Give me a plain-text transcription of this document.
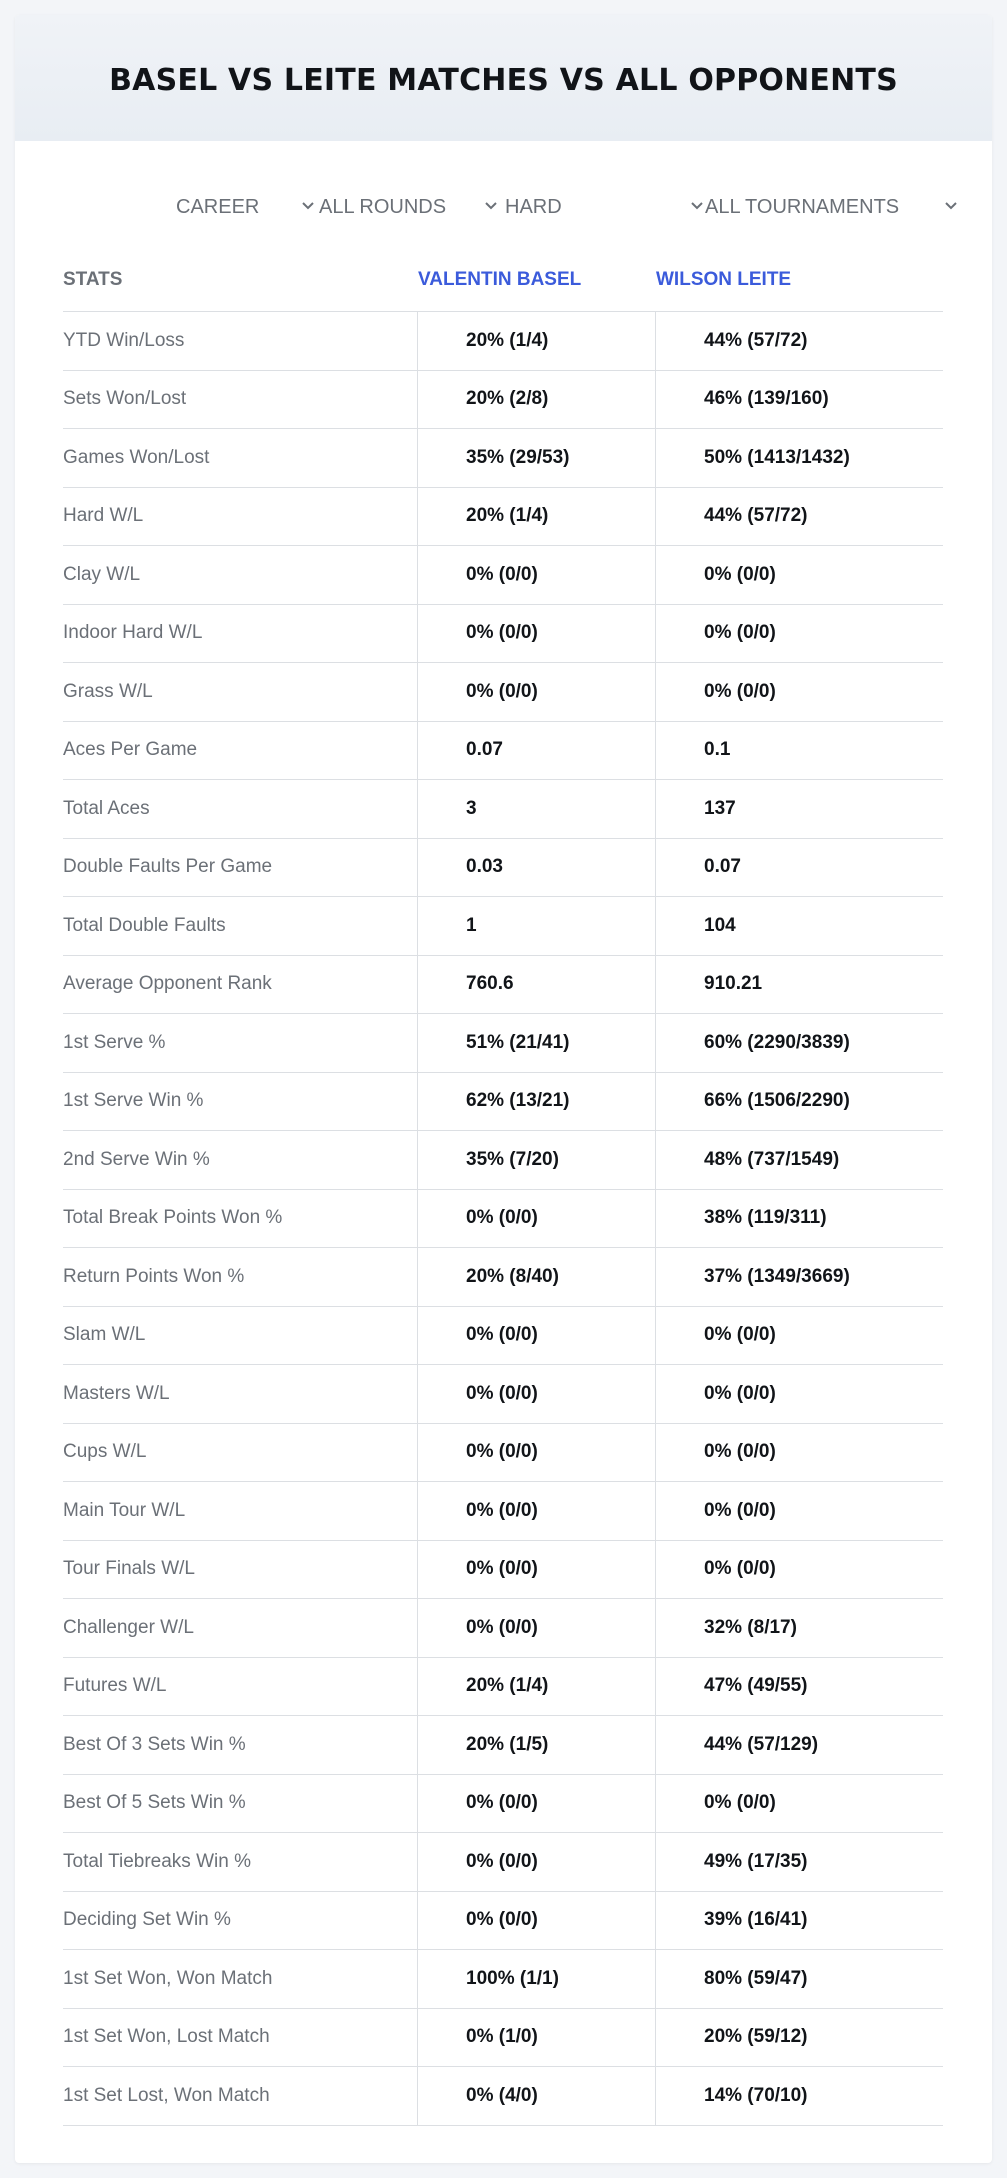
BASEL VS LEITE MATCHES VS ALL OPPONENTS
CAREER	ALL ROUNDS	HARD	ALL TOURNAMENTS
STATS	VALENTIN BASEL	WILSON LEITE
YTD Win/Loss	20% (1/4)	44% (57/72)
Sets Won/Lost	20% (2/8)	46% (139/160)
Games Won/Lost	35% (29/53)	50% (1413/1432)
Hard W/L	20% (1/4)	44% (57/72)
Clay W/L	0% (0/0)	0% (0/0)
Indoor Hard W/L	0% (0/0)	0% (0/0)
Grass W/L	0% (0/0)	0% (0/0)
Aces Per Game	0.07	0.1
Total Aces	3	137
Double Faults Per Game	0.03	0.07
Total Double Faults	1	104
Average Opponent Rank	760.6	910.21
1st Serve %	51% (21/41)	60% (2290/3839)
1st Serve Win %	62% (13/21)	66% (1506/2290)
2nd Serve Win %	35% (7/20)	48% (737/1549)
Total Break Points Won %	0% (0/0)	38% (119/311)
Return Points Won %	20% (8/40)	37% (1349/3669)
Slam W/L	0% (0/0)	0% (0/0)
Masters W/L	0% (0/0)	0% (0/0)
Cups W/L	0% (0/0)	0% (0/0)
Main Tour W/L	0% (0/0)	0% (0/0)
Tour Finals W/L	0% (0/0)	0% (0/0)
Challenger W/L	0% (0/0)	32% (8/17)
Futures W/L	20% (1/4)	47% (49/55)
Best Of 3 Sets Win %	20% (1/5)	44% (57/129)
Best Of 5 Sets Win %	0% (0/0)	0% (0/0)
Total Tiebreaks Win %	0% (0/0)	49% (17/35)
Deciding Set Win %	0% (0/0)	39% (16/41)
1st Set Won, Won Match	100% (1/1)	80% (59/47)
1st Set Won, Lost Match	0% (1/0)	20% (59/12)
1st Set Lost, Won Match	0% (4/0)	14% (70/10)
